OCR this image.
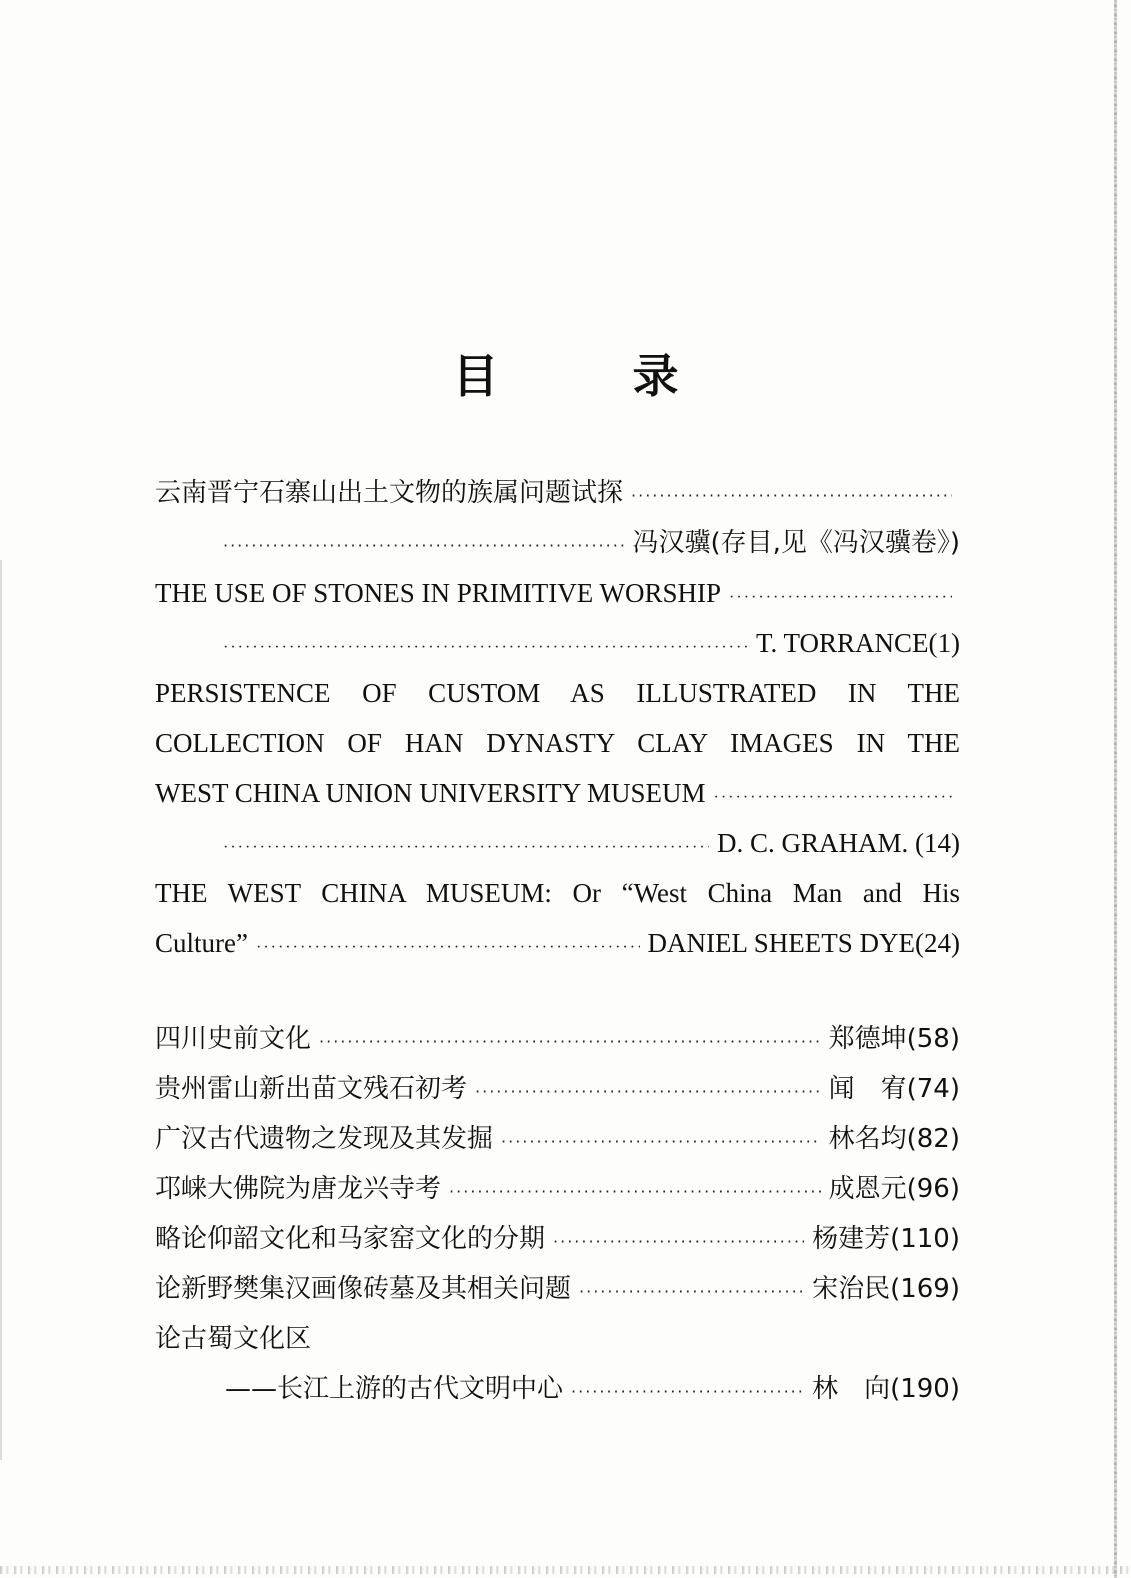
目　录
云南晋宁石寨山出土文物的族属问题试探
·····
·····
冯汉骥(存目,见《冯汉骥卷》)
THE USE OF STONES IN PRIMITIVE WORSHIP
·····
·····
T. TORRANCE(1)
PERSISTENCE OF CUSTOM AS ILLUSTRATED IN THE
COLLECTION OF HAN DYNASTY CLAY IMAGES IN THE
WEST CHINA UNION UNIVERSITY MUSEUM
·····
·····
D. C. GRAHAM. (14)
THE WEST CHINA MUSEUM: Or “West China Man and His
Culture” ·····	DANIEL SHEETS DYE(24)
四川史前文化 ·····	郑德坤(58)
贵州雷山新出苗文残石初考 ·····	闻　宥(74)
广汉古代遗物之发现及其发掘 ·····	林名均(82)
邛崃大佛院为唐龙兴寺考 ·····	成恩元(96)
略论仰韶文化和马家窑文化的分期 ·····	杨建芳(110)
论新野樊集汉画像砖墓及其相关问题 ·····	宋治民(169)
论古蜀文化区
——长江上游的古代文明中心 ·····	林　向(190)
